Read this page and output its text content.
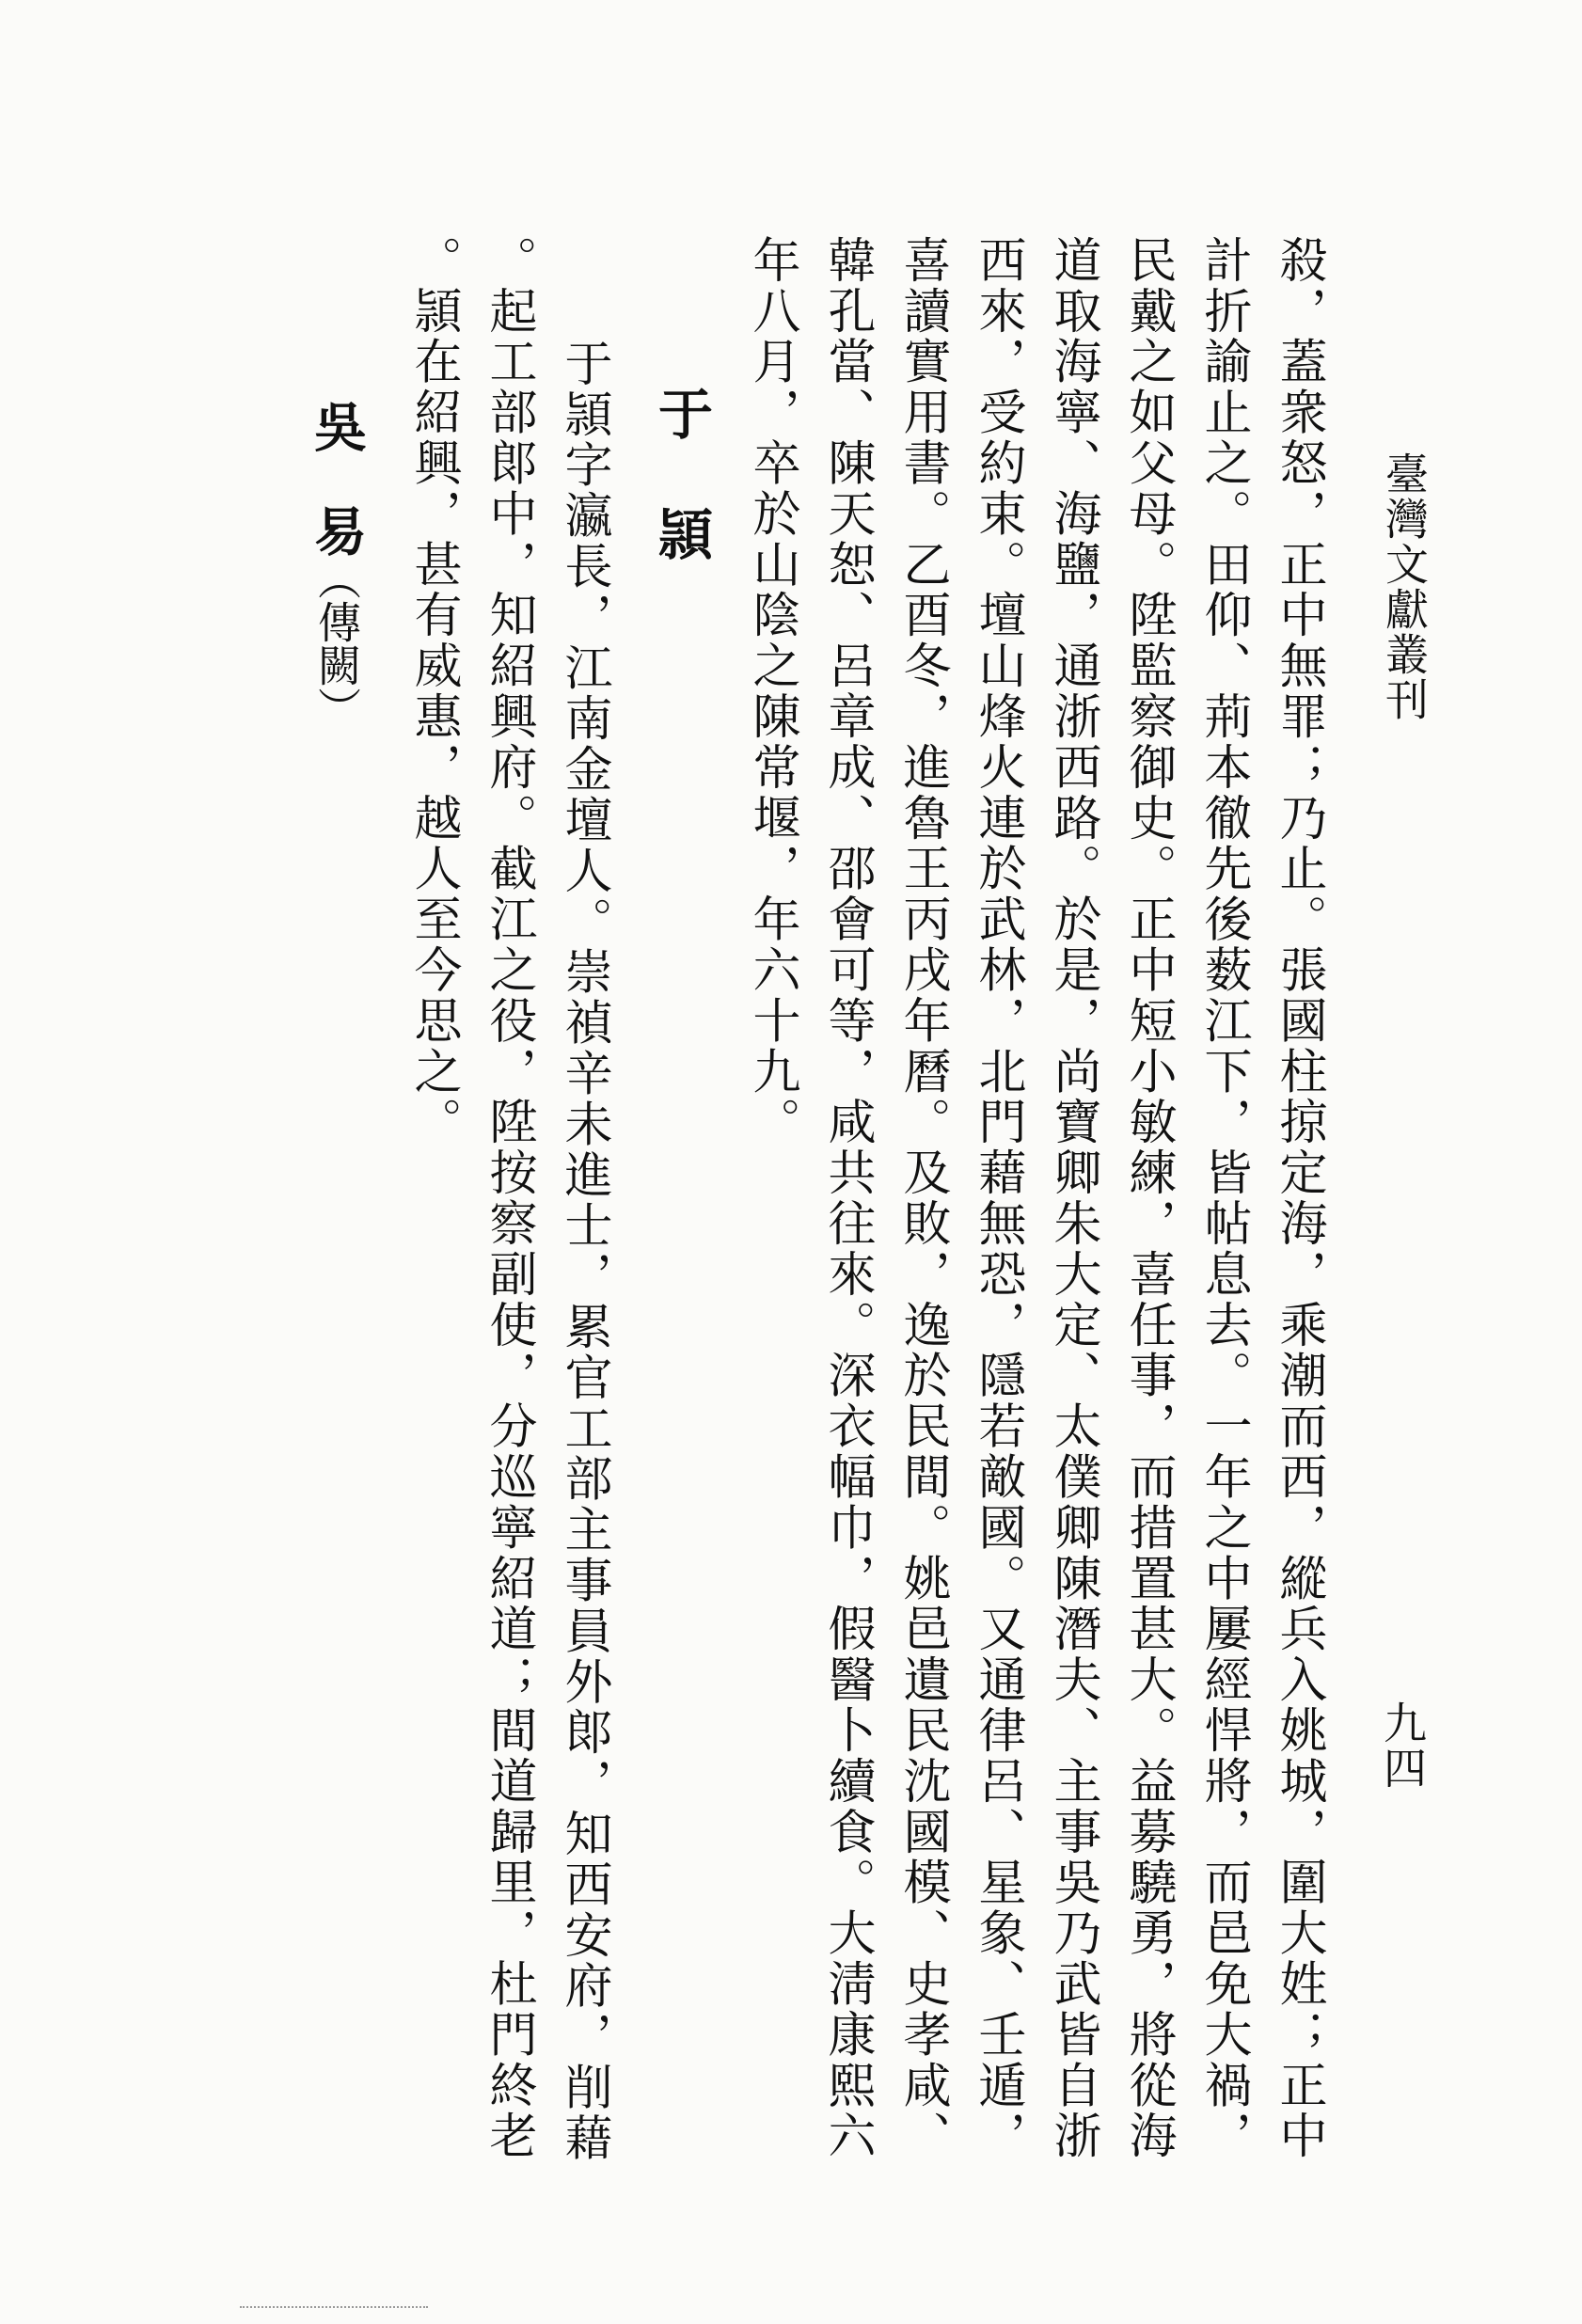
臺灣文獻叢刊
九四
殺，蓋衆怒，正中無罪；乃止。張國柱掠定海，乘潮而西，縱兵入姚城，圍大姓；正中
計折諭止之。田仰、荊本徹先後薮江下，皆帖息去。一年之中屢經悍將，而邑免大禍，
民戴之如父母。陞監察御史。正中短小敏練，喜任事，而措置甚大。益募驍勇，將從海
道取海寧、海鹽，通浙西路。於是，尚寶卿朱大定、太僕卿陳潛夫、主事吳乃武皆自浙
西來，受約束。壇山烽火連於武林，北門藉無恐，隱若敵國。又通律呂、星象、壬遁，
喜讀實用書。乙酉冬，進魯王丙戌年曆。及敗，逸於民間。姚邑遺民沈國模、史孝咸、
韓孔當、陳天恕、呂章成、邵會可等，咸共往來。深衣幅巾，假醫卜續食。大淸康熙六
年八月，卒於山陰之陳常堰，年六十九。
于頴
于頴字瀛長，江南金壇人。崇禎辛未進士，累官工部主事員外郞，知西安府，削藉
。起工部郞中，知紹興府。截江之役，陞按察副使，分巡寧紹道；間道歸里，杜門終老
。頴在紹興，甚有威惠，越人至今思之。
吳易（傳闕）
